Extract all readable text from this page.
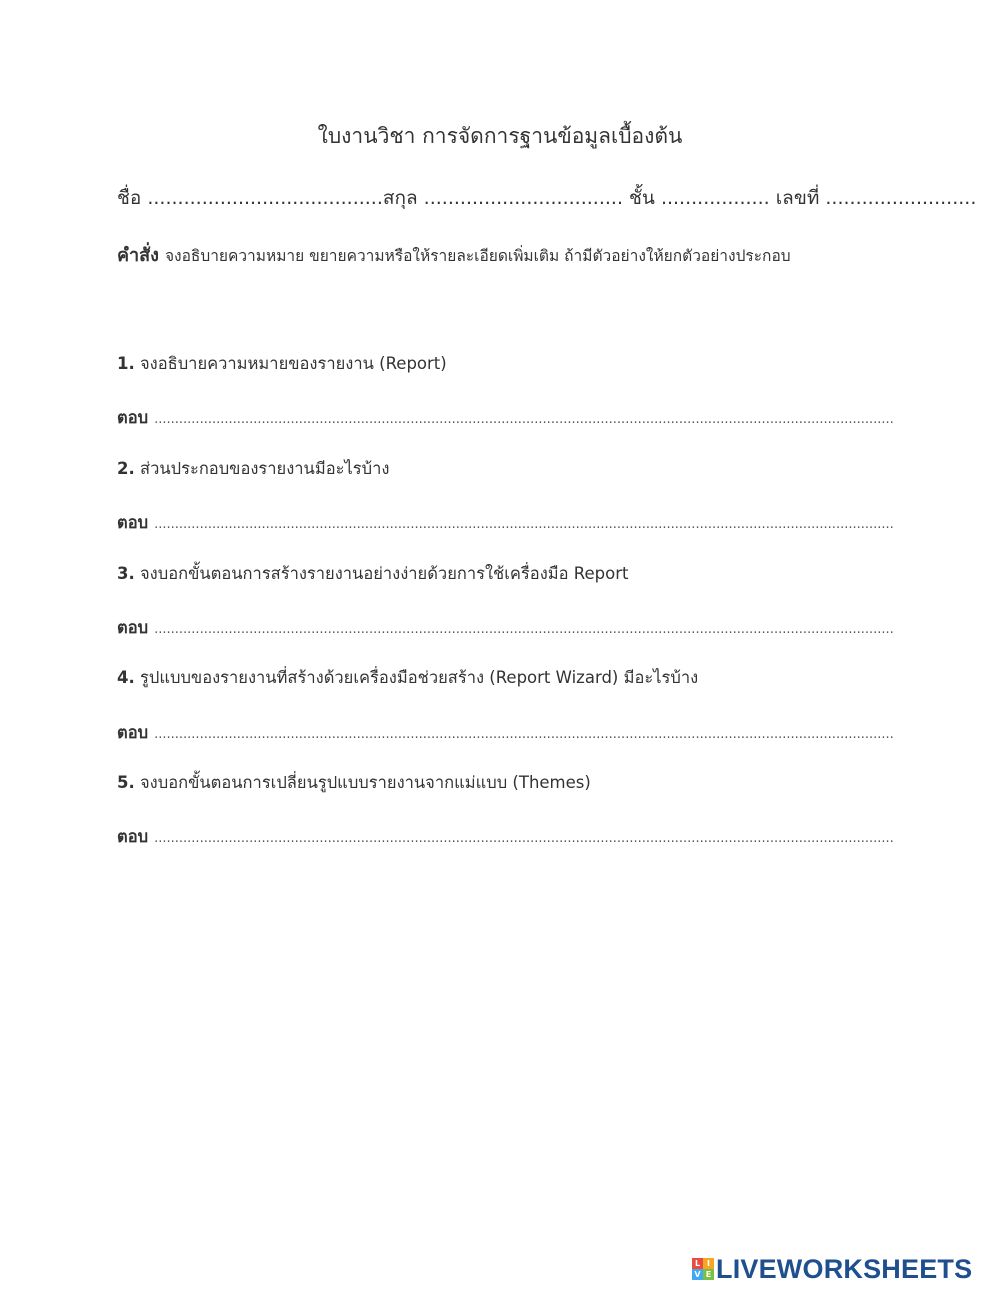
ใบงานวิชา การจัดการฐานข้อมูลเบื้องต้น
ชื่อ .......................................สกุล ................................. ชั้น .................. เลขที่ .........................
คำสั่ง จงอธิบายความหมาย ขยายความหรือให้รายละเอียดเพิ่มเติม ถ้ามีตัวอย่างให้ยกตัวอย่างประกอบ
1. จงอธิบายความหมายของรายงาน (Report)
ตอบ ...................................................................................................................................................................................
2. ส่วนประกอบของรายงานมีอะไรบ้าง
ตอบ ...................................................................................................................................................................................
3. จงบอกขั้นตอนการสร้างรายงานอย่างง่ายด้วยการใช้เครื่องมือ Report
ตอบ ...................................................................................................................................................................................
4. รูปแบบของรายงานที่สร้างด้วยเครื่องมือช่วยสร้าง (Report Wizard) มีอะไรบ้าง
ตอบ ...................................................................................................................................................................................
5. จงบอกขั้นตอนการเปลี่ยนรูปแบบรายงานจากแม่แบบ (Themes)
ตอบ ...................................................................................................................................................................................
L I
V E LIVEWORKSHEETS
